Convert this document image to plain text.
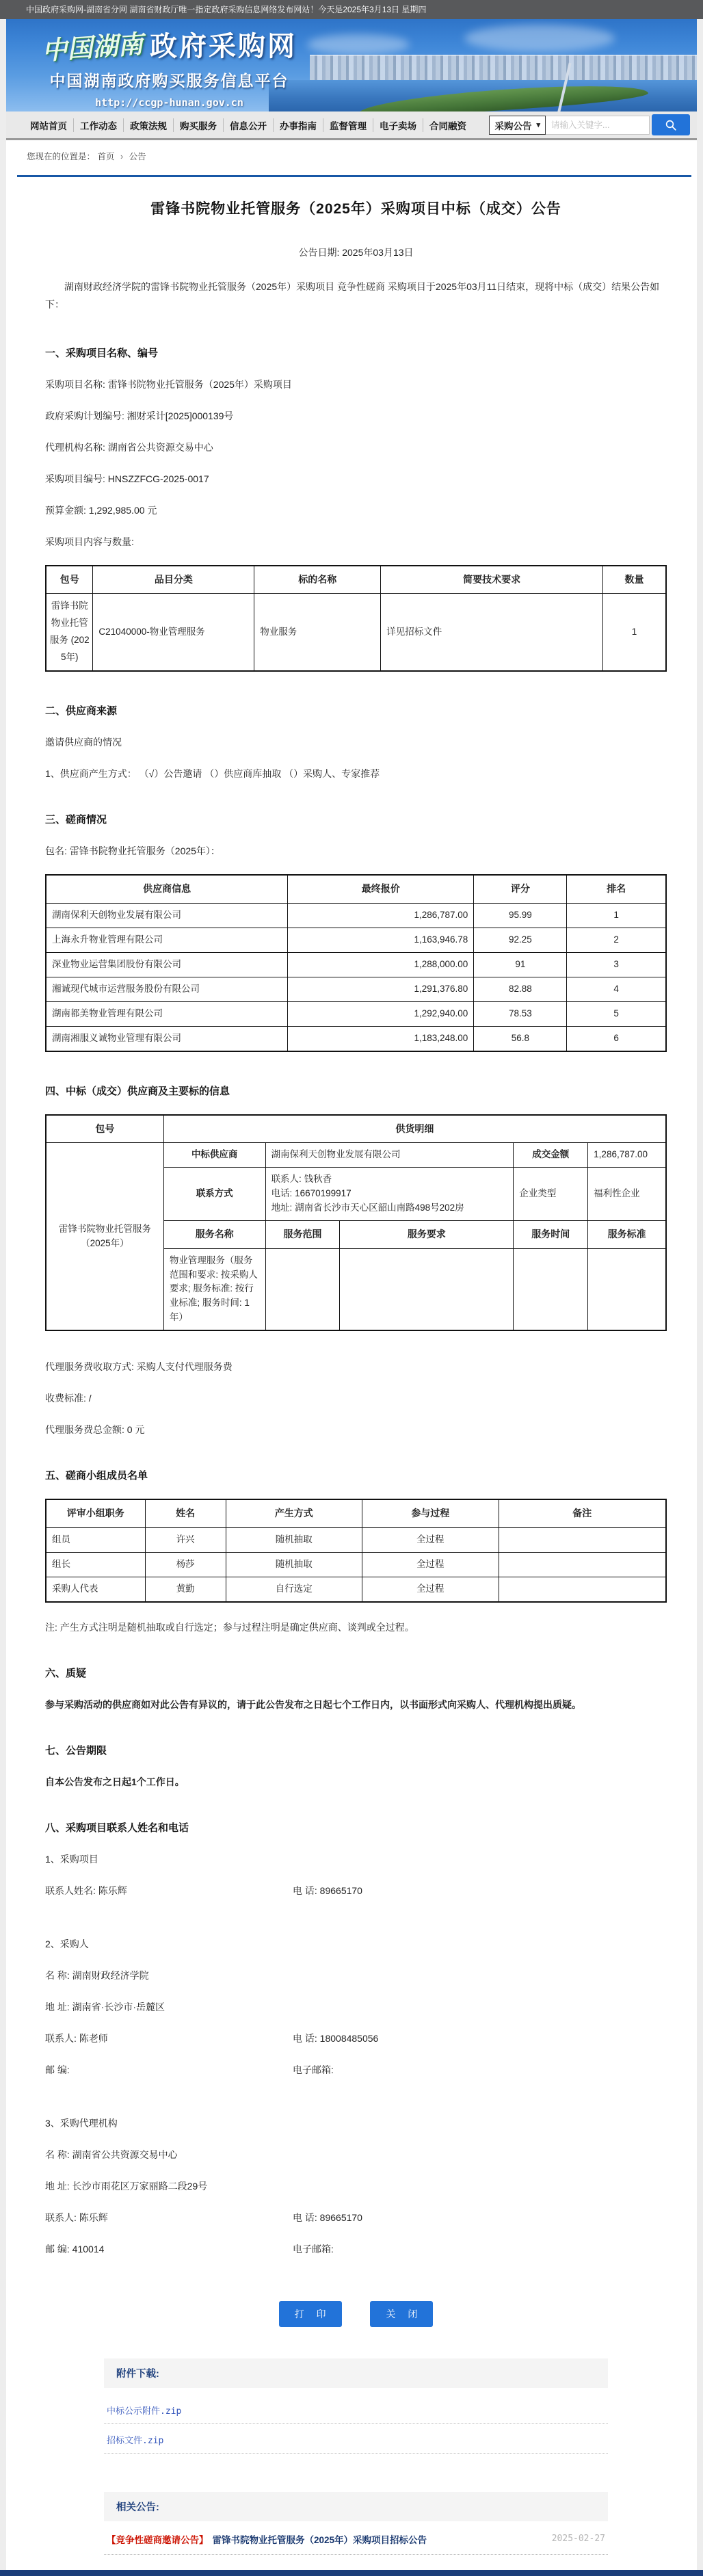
中国政府采购网-湖南省分网 湖南省财政厅唯一指定政府采购信息网络发布网站！今天是2025年3月13日 星期四
中国湖南 政府采购网
中国湖南政府购买服务信息平台
http://ccgp-hunan.gov.cn
网站首页	工作动态	政策法规	购买服务	信息公开	办事指南	监督管理	电子卖场	合同融资	采购公告 ▾
请输入关键字...
您现在的位置是： 首页 › 公告
雷锋书院物业托管服务（2025年）采购项目中标（成交）公告
公告日期: 2025年03月13日

湖南财政经济学院的雷锋书院物业托管服务（2025年）采购项目 竞争性磋商 采购项目于2025年03月11日结束，现将中标（成交）结果公告如下：

一、采购项目名称、编号

采购项目名称: 雷锋书院物业托管服务（2025年）采购项目

政府采购计划编号: 湘财采计[2025]000139号

代理机构名称: 湖南省公共资源交易中心

采购项目编号: HNSZZFCG-2025-0017

预算金额: 1,292,985.00 元

采购项目内容与数量:

包号	品目分类	标的名称	简要技术要求	数量
雷锋书院物业托管服务 (2025年)	C21040000-物业管理服务	物业服务	详见招标文件	1
二、供应商来源

邀请供应商的情况

1、供应商产生方式： （√）公告邀请 （）供应商库抽取 （）采购人、专家推荐

三、磋商情况

包名: 雷锋书院物业托管服务（2025年）：

供应商信息	最终报价	评分	排名
湖南保利天创物业发展有限公司	1,286,787.00	95.99	1
上海永升物业管理有限公司	1,163,946.78	92.25	2
深业物业运营集团股份有限公司	1,288,000.00	91	3
湘诚现代城市运营服务股份有限公司	1,291,376.80	82.88	4
湖南都美物业管理有限公司	1,292,940.00	78.53	5
湖南湘服义诚物业管理有限公司	1,183,248.00	56.8	6
四、中标（成交）供应商及主要标的信息
包号	供货明细				
雷锋书院物业托管服务（2025年）	中标供应商	湖南保利天创物业发展有限公司		成交金额	1,286,787.00
	联系方式	联系人: 钱秋香
电话: 16670199917
地址: 湖南省长沙市天心区韶山南路498号202房		企业类型	福利性企业
	服务名称	服务范围	服务要求	服务时间	服务标准
	物业管理服务（服务范围和要求: 按采购人要求; 服务标准: 按行业标准; 服务时间: 1年）				

代理服务费收取方式: 采购人支付代理服务费

收费标准: /

代理服务费总金额: 0 元

五、磋商小组成员名单
评审小组职务	姓名	产生方式	参与过程	备注
组员	许兴	随机抽取	全过程	
组长	杨莎	随机抽取	全过程	
采购人代表	黄勤	自行选定	全过程	

注: 产生方式注明是随机抽取或自行选定；参与过程注明是确定供应商、谈判或全过程。

六、质疑

参与采购活动的供应商如对此公告有异议的，请于此公告发布之日起七个工作日内，以书面形式向采购人、代理机构提出质疑。

七、公告期限

自本公告发布之日起1个工作日。

八、采购项目联系人姓名和电话

1、采购项目

联系人姓名: 陈乐辉	电 话: 89665170

2、采购人

名 称: 湖南财政经济学院
地 址: 湖南省·长沙市·岳麓区
联系人: 陈老师	电 话: 18008485056
邮 编:	电子邮箱:

3、采购代理机构

名 称: 湖南省公共资源交易中心
地 址: 长沙市雨花区万家丽路二段29号
联系人: 陈乐辉	电 话: 89665170
邮 编: 410014	电子邮箱:
打 印	关 闭
附件下载:
中标公示附件.zip
招标文件.zip
相关公告:
【竞争性磋商邀请公告】 雷锋书院物业托管服务（2025年）采购项目招标公告	2025-02-27
